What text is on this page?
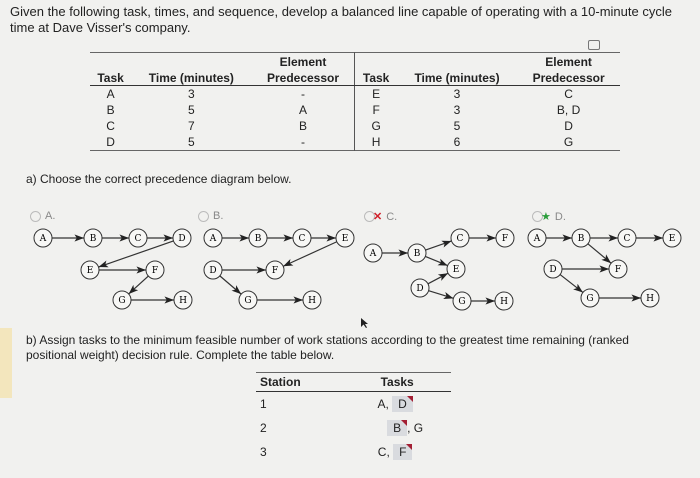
Given the following task, times, and sequence, develop a balanced line capable of operating with a 10-minute cycle time at Dave Visser's company.
		Element			Element
Task	Time (minutes)	Predecessor	Task	Time (minutes)	Predecessor
A	3	-	E	3	C
B	5	A	F	3	B, D
C	7	B	G	5	D
D	5	-	H	6	G
a) Choose the correct precedence diagram below.
A	B	C	D
E	F
G	H
A	B	C	E
D	F
G	H
A	B
C	F
E
D
G	H
A	B	C	E
D	F
G	H
A.	B.	✕ C.	★ D.
b) Assign tasks to the minimum feasible number of work stations according to the greatest time remaining (ranked positional weight) decision rule. Complete the table below.
Station	Tasks
1	A, D
2	B , G
3	C, F
